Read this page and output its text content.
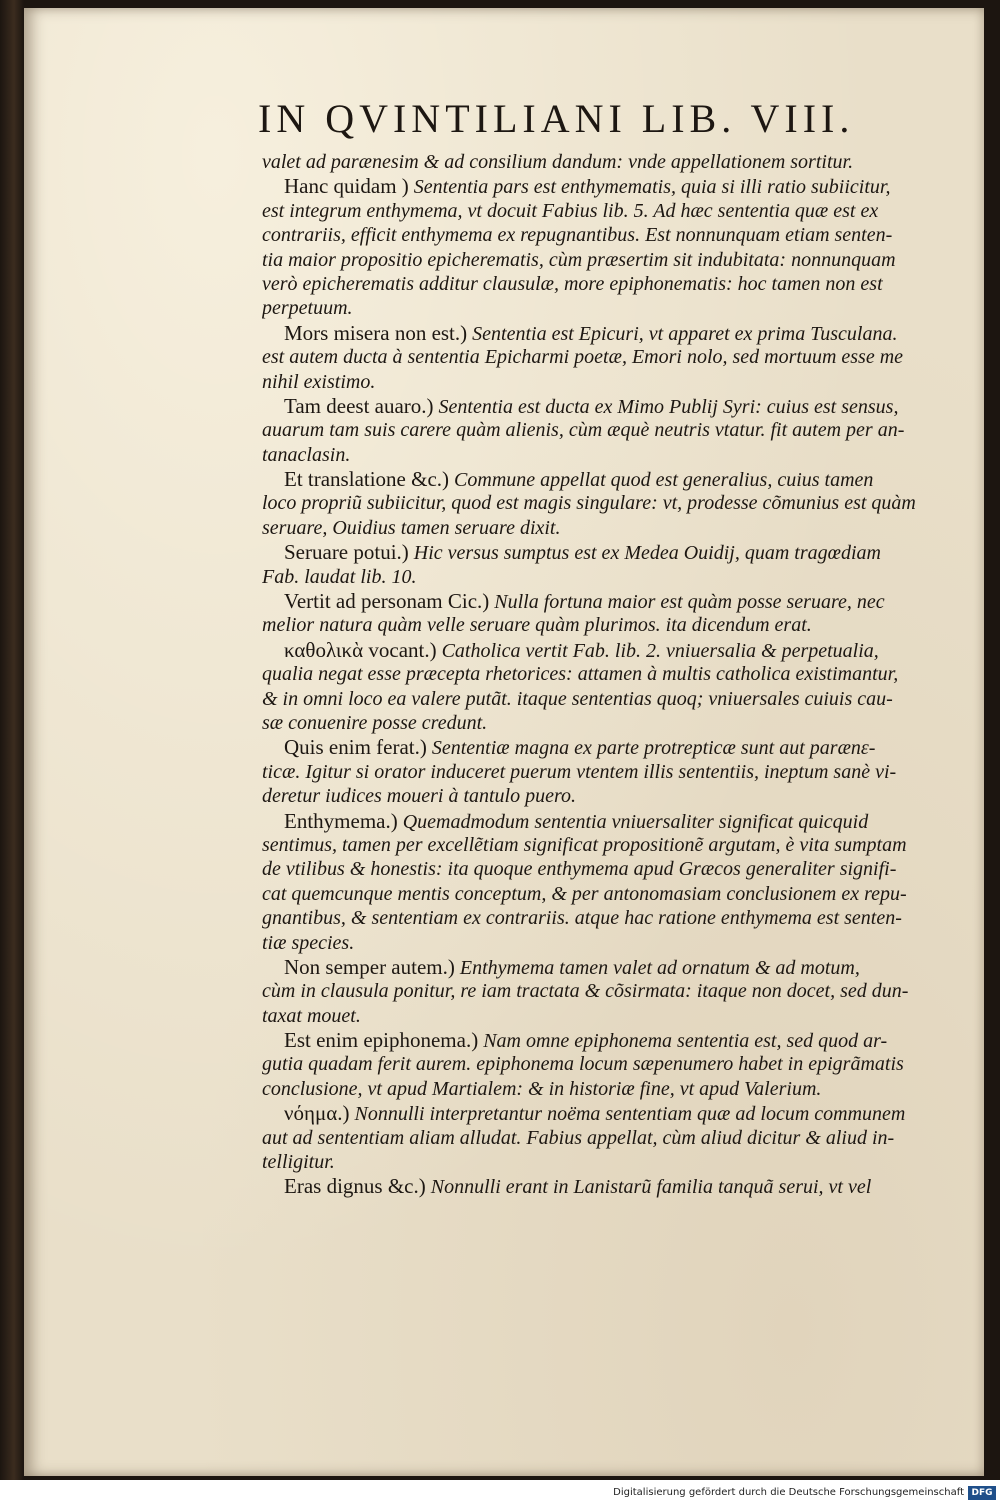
IN QVINTILIANI LIB. VIII.
valet ad parænesim & ad consilium dandum: vnde appellationem sortitur.
Hanc quidam ) Sententia pars est enthymematis, quia si illi ratio subiicitur,
est integrum enthymema, vt docuit Fabius lib. 5. Ad hæc sententia quæ est ex
contrariis, efficit enthymema ex repugnantibus. Est nonnunquam etiam senten-
tia maior propositio epicherematis, cùm præsertim sit indubitata: nonnunquam
verò epicherematis additur clausulæ, more epiphonematis: hoc tamen non est
perpetuum.
Mors misera non est.) Sententia est Epicuri, vt apparet ex prima Tusculana.
est autem ducta à sententia Epicharmi poetæ, Emori nolo, sed mortuum esse me
nihil existimo.
Tam deest auaro.) Sententia est ducta ex Mimo Publij Syri: cuius est sensus,
auarum tam suis carere quàm alienis, cùm æquè neutris vtatur. fit autem per an-
tanaclasin.
Et translatione &c.) Commune appellat quod est generalius, cuius tamen
loco propriũ subiicitur, quod est magis singulare: vt, prodesse cõmunius est quàm
seruare, Ouidius tamen seruare dixit.
Seruare potui.) Hic versus sumptus est ex Medea Ouidij, quam tragœdiam
Fab. laudat lib. 10.
Vertit ad personam Cic.) Nulla fortuna maior est quàm posse seruare, nec
melior natura quàm velle seruare quàm plurimos. ita dicendum erat.
καθολικὰ vocant.) Catholica vertit Fab. lib. 2. vniuersalia & perpetualia,
qualia negat esse præcepta rhetorices: attamen à multis catholica existimantur,
& in omni loco ea valere putãt. itaque sententias quoq; vniuersales cuiuis cau-
sæ conuenire posse credunt.
Quis enim ferat.) Sententiæ magna ex parte protrepticæ sunt aut parænε-
ticæ. Igitur si orator induceret puerum vtentem illis sententiis, ineptum sanè vi-
deretur iudices moueri à tantulo puero.
Enthymema.) Quemadmodum sententia vniuersaliter significat quicquid
sentimus, tamen per excellẽtiam significat propositionẽ argutam, è vita sumptam
de vtilibus & honestis: ita quoque enthymema apud Græcos generaliter signifi-
cat quemcunque mentis conceptum, & per antonomasiam conclusionem ex repu-
gnantibus, & sententiam ex contrariis. atque hac ratione enthymema est senten-
tiæ species.
Non semper autem.) Enthymema tamen valet ad ornatum & ad motum,
cùm in clausula ponitur, re iam tractata & cõsirmata: itaque non docet, sed dun-
taxat mouet.
Est enim epiphonema.) Nam omne epiphonema sententia est, sed quod ar-
gutia quadam ferit aurem. epiphonema locum sæpenumero habet in epigrãmatis
conclusione, vt apud Martialem: & in historiæ fine, vt apud Valerium.
νόημα.) Nonnulli interpretantur noëma sententiam quæ ad locum communem
aut ad sententiam aliam alludat. Fabius appellat, cùm aliud dicitur & aliud in-
telligitur.
Eras dignus &c.) Nonnulli erant in Lanistarũ familia tanquã serui, vt vel
Digitalisierung gefördert durch die Deutsche Forschungsgemeinschaft DFG
